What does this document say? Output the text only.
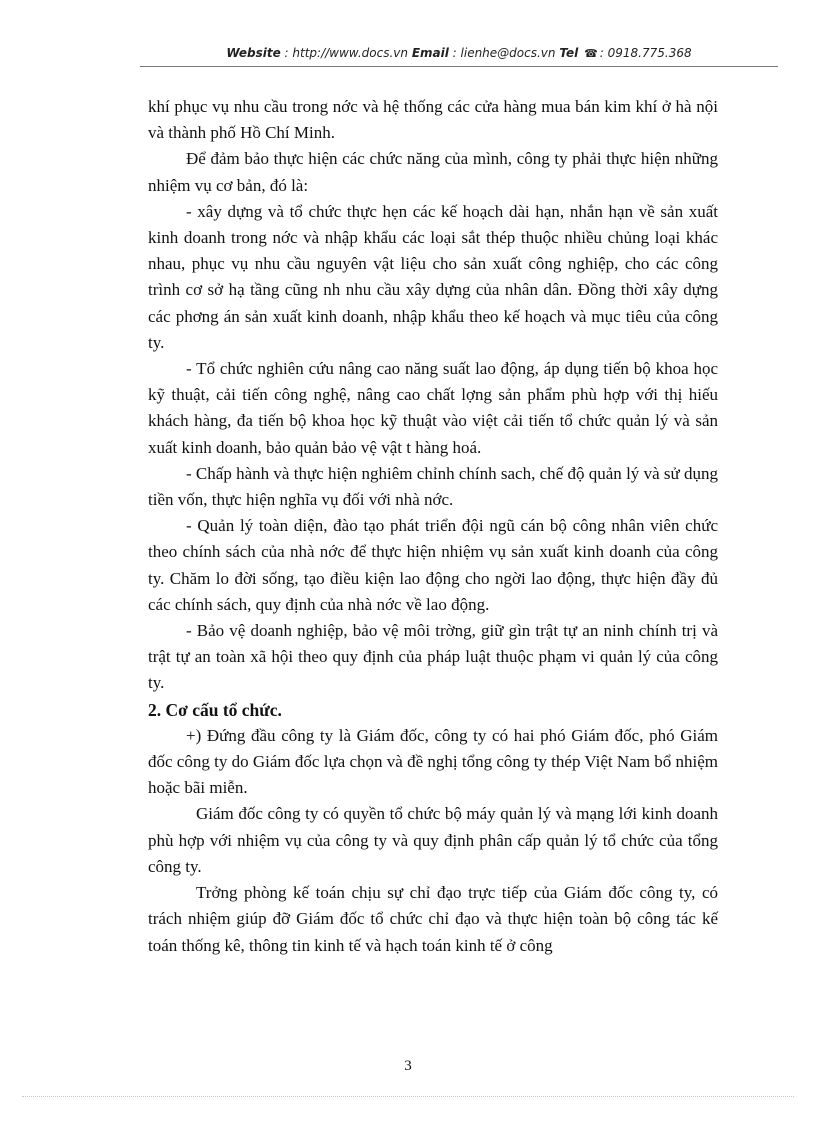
Website : http://www.docs.vn Email : lienhe@docs.vn Tel ☎ : 0918.775.368

khí phục vụ nhu cầu trong nớc và hệ thống các cửa hàng mua bán kim khí ở hà nội và thành phố Hồ Chí Minh.

Để đảm bảo thực hiện các chức năng của mình, công ty phải thực hiện những nhiệm vụ cơ bản, đó là:

- xây dựng và tổ chức thực hẹn các kế hoạch dài hạn, nhắn hạn về sản xuất kinh doanh trong nớc và nhập khẩu các loại sắt thép thuộc nhiều chủng loại khác nhau, phục vụ nhu cầu nguyên vật liệu cho sản xuất công nghiệp, cho các công trình cơ sở hạ tầng cũng nh nhu cầu xây dựng của nhân dân. Đồng thời xây dựng các phơng án sản xuất kinh doanh, nhập khẩu theo kế hoạch và mục tiêu của công ty.

- Tổ chức nghiên cứu nâng cao năng suất lao động, áp dụng tiến bộ khoa học kỹ thuật, cải tiến công nghệ, nâng cao chất lợng sản phẩm phù hợp với thị hiếu khách hàng, đa tiến bộ khoa học kỹ thuật vào việt cải tiến tổ chức quản lý và sản xuất kinh doanh, bảo quản bảo vệ vật t hàng hoá.

- Chấp hành và thực hiện nghiêm chỉnh chính sach, chế độ quản lý và sử dụng tiền vốn, thực hiện nghĩa vụ đối với nhà nớc.

- Quản lý toàn diện, đào tạo phát triển đội ngũ cán bộ công nhân viên chức theo chính sách của nhà nớc để thực hiện nhiệm vụ sản xuất kinh doanh của công ty. Chăm lo đời sống, tạo điều kiện lao động cho ngời lao động, thực hiện đầy đủ các chính sách, quy định của nhà nớc về lao động.

- Bảo vệ doanh nghiệp, bảo vệ môi trờng, giữ gìn trật tự an ninh chính trị và trật tự an toàn xã hội theo quy định của pháp luật thuộc phạm vi quản lý của công ty.

2. Cơ cấu tổ chức.

+) Đứng đầu công ty là Giám đốc, công ty có hai phó Giám đốc, phó Giám đốc công ty do Giám đốc lựa chọn và đề nghị tổng công ty thép Việt Nam bổ nhiệm hoặc bãi miễn.

Giám đốc công ty có quyền tổ chức bộ máy quản lý và mạng lới kinh doanh phù hợp với nhiệm vụ của công ty và quy định phân cấp quản lý tổ chức của tổng công ty.

Trởng phòng kế toán chịu sự chỉ đạo trực tiếp của Giám đốc công ty, có trách nhiệm giúp đỡ Giám đốc tổ chức chỉ đạo và thực hiện toàn bộ công tác kế toán thống kê, thông tin kinh tế và hạch toán kinh tế ở công

3
